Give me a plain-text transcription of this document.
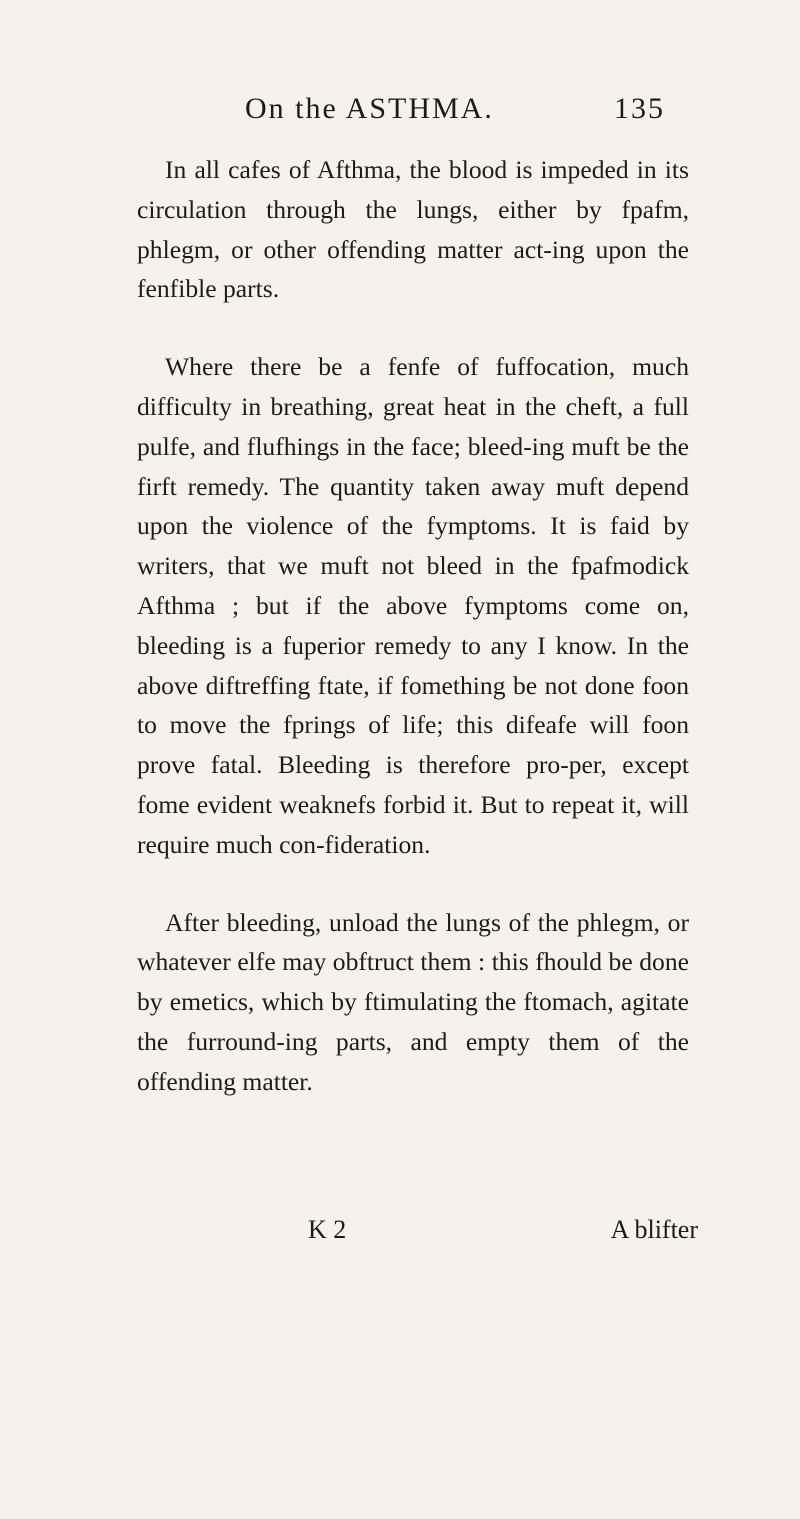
On the ASTHMA.	135

In all cafes of Afthma, the blood is impeded in its circulation through the lungs, either by fpafm, phlegm, or other offending matter act-ing upon the fenfible parts.

Where there be a fenfe of fuffocation, much difficulty in breathing, great heat in the cheft, a full pulfe, and flufhings in the face; bleed-ing muft be the firft remedy. The quantity taken away muft depend upon the violence of the fymptoms. It is faid by writers, that we muft not bleed in the fpafmodick Afthma ; but if the above fymptoms come on, bleeding is a fuperior remedy to any I know. In the above diftreffing ftate, if fomething be not done foon to move the fprings of life; this difeafe will foon prove fatal. Bleeding is therefore pro-per, except fome evident weaknefs forbid it. But to repeat it, will require much con-fideration.

After bleeding, unload the lungs of the phlegm, or whatever elfe may obftruct them : this fhould be done by emetics, which by ftimulating the ftomach, agitate the furround-ing parts, and empty them of the offending matter.

K 2	A blifter
